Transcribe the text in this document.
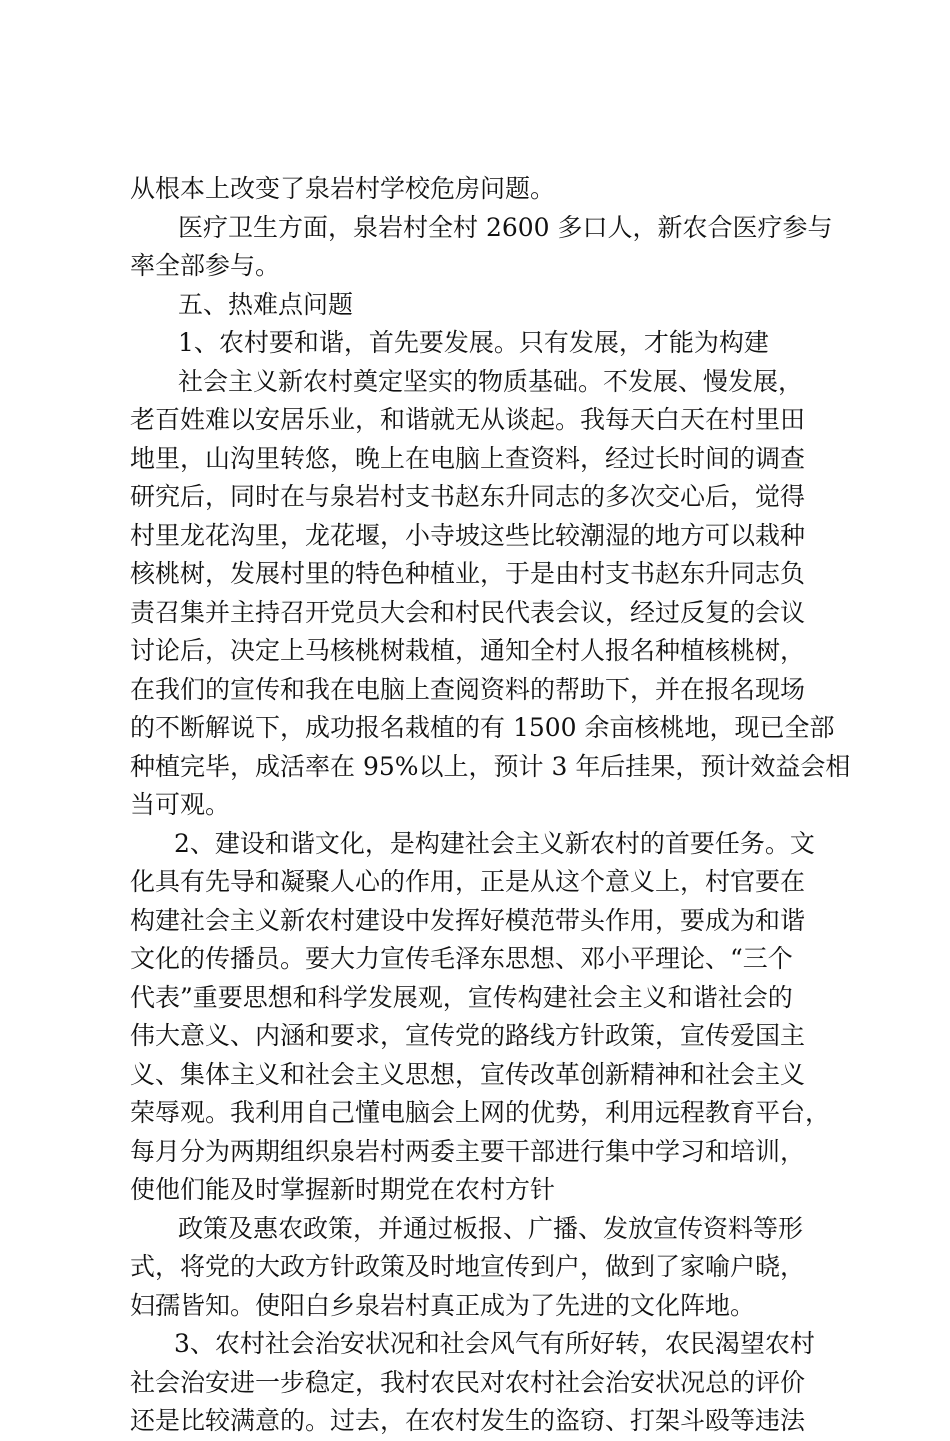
从根本上改变了泉岩村学校危房问题。
医疗卫生方面，泉岩村全村 2600 多口人，新农合医疗参与
率全部参与。
五、热难点问题
1、农村要和谐，首先要发展。只有发展，才能为构建
社会主义新农村奠定坚实的物质基础。不发展、慢发展，
老百姓难以安居乐业，和谐就无从谈起。我每天白天在村里田
地里，山沟里转悠，晚上在电脑上查资料，经过长时间的调查
研究后，同时在与泉岩村支书赵东升同志的多次交心后，觉得
村里龙花沟里，龙花堰，小寺坡这些比较潮湿的地方可以栽种
核桃树，发展村里的特色种植业，于是由村支书赵东升同志负
责召集并主持召开党员大会和村民代表会议，经过反复的会议
讨论后，决定上马核桃树栽植，通知全村人报名种植核桃树，
在我们的宣传和我在电脑上查阅资料的帮助下，并在报名现场
的不断解说下，成功报名栽植的有 1500 余亩核桃地，现已全部
种植完毕，成活率在 95%以上，预计 3 年后挂果，预计效益会相
当可观。
2、建设和谐文化，是构建社会主义新农村的首要任务。文
化具有先导和凝聚人心的作用，正是从这个意义上，村官要在
构建社会主义新农村建设中发挥好模范带头作用，要成为和谐
文化的传播员。要大力宣传毛泽东思想、邓小平理论、“三个
代表”重要思想和科学发展观，宣传构建社会主义和谐社会的
伟大意义、内涵和要求，宣传党的路线方针政策，宣传爱国主
义、集体主义和社会主义思想，宣传改革创新精神和社会主义
荣辱观。我利用自己懂电脑会上网的优势，利用远程教育平台，
每月分为两期组织泉岩村两委主要干部进行集中学习和培训，
使他们能及时掌握新时期党在农村方针
政策及惠农政策，并通过板报、广播、发放宣传资料等形
式，将党的大政方针政策及时地宣传到户，做到了家喻户晓，
妇孺皆知。使阳白乡泉岩村真正成为了先进的文化阵地。
3、农村社会治安状况和社会风气有所好转，农民渴望农村
社会治安进一步稳定，我村农民对农村社会治安状况总的评价
还是比较满意的。过去，在农村发生的盗窃、打架斗殴等违法
